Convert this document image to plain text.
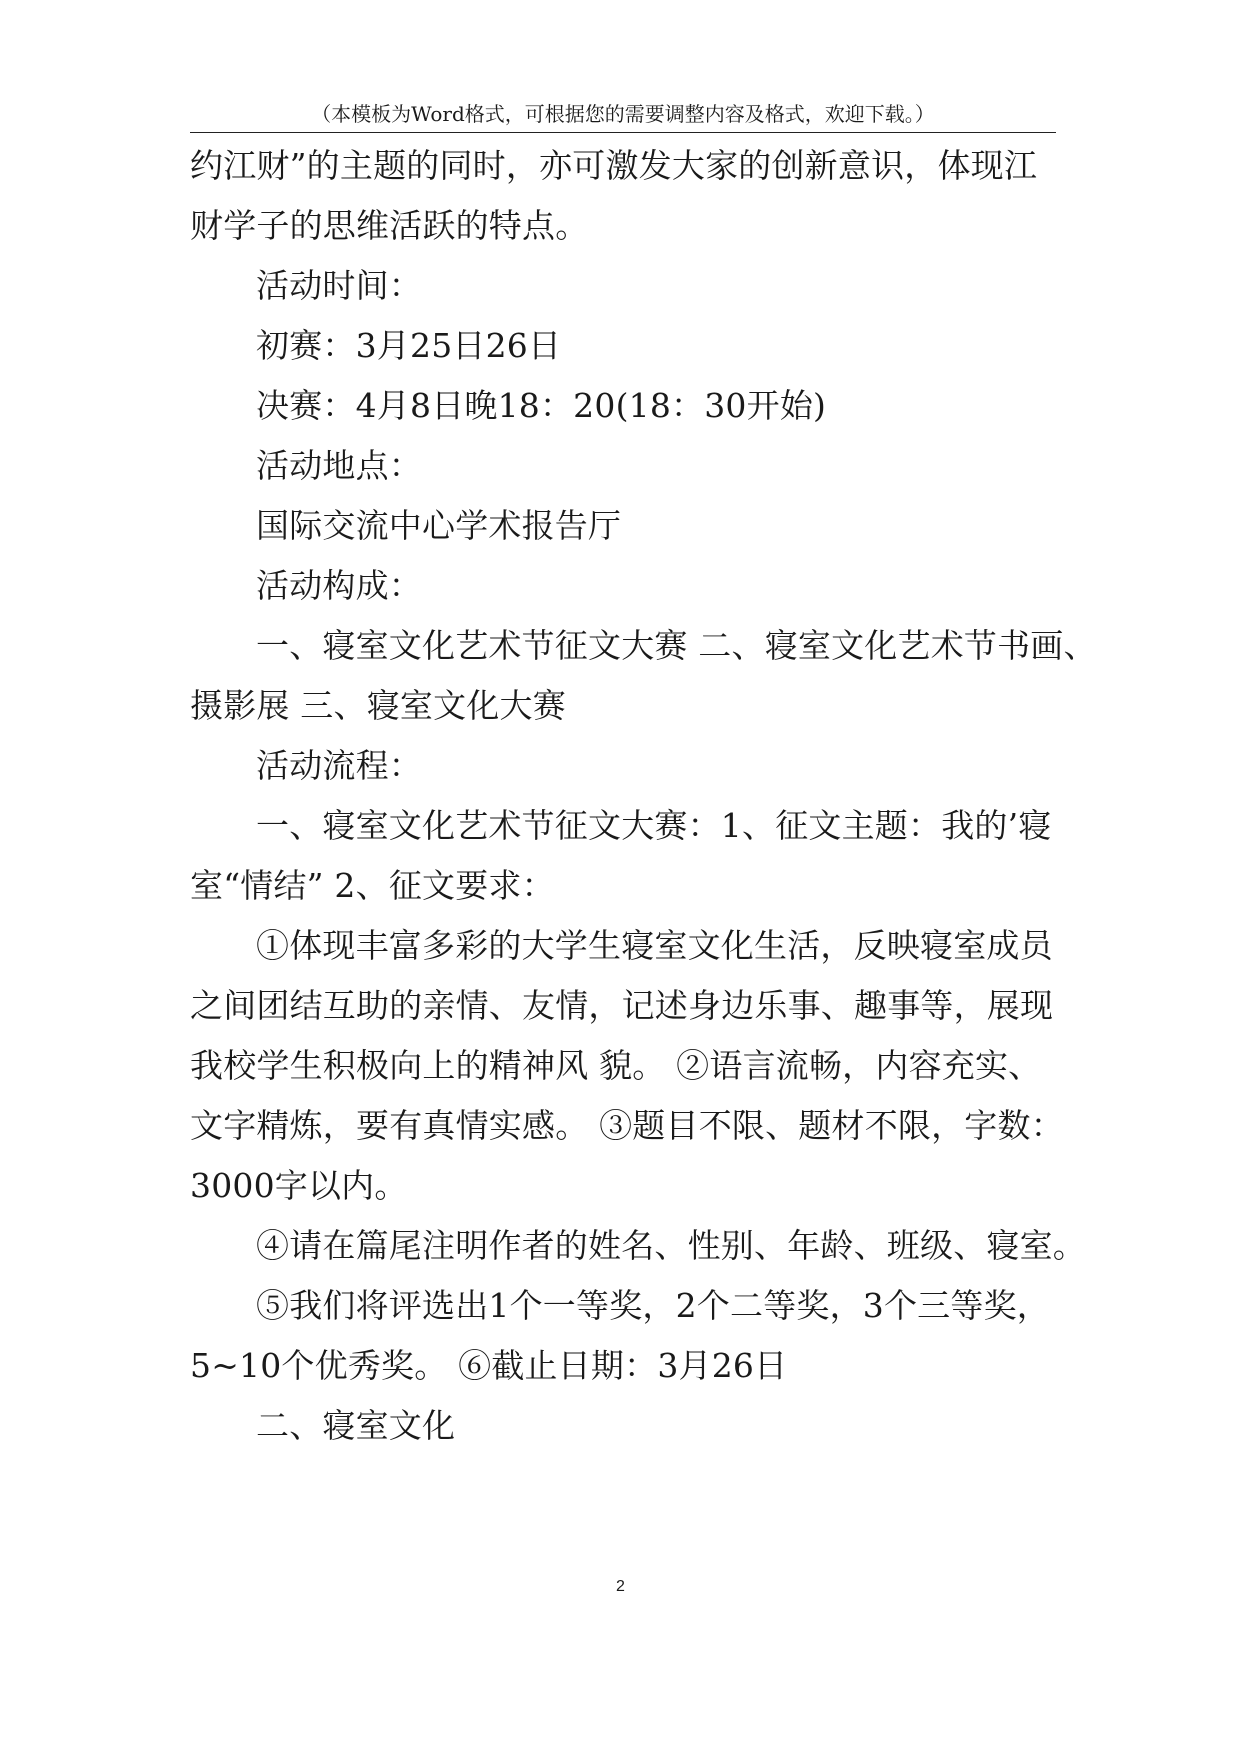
（本模板为Word格式，可根据您的需要调整内容及格式，欢迎下载。）
约江财”的主题的同时，亦可激发大家的创新意识，体现江
财学子的思维活跃的特点。
活动时间：
初赛：3月25日26日
决赛：4月8日晚18：20(18：30开始)
活动地点：
国际交流中心学术报告厅
活动构成：
一、寝室文化艺术节征文大赛 二、寝室文化艺术节书画、
摄影展 三、寝室文化大赛
活动流程：
一、寝室文化艺术节征文大赛：1、征文主题：我的’寝
室“情结” 2、征文要求：
①体现丰富多彩的大学生寝室文化生活，反映寝室成员
之间团结互助的亲情、友情，记述身边乐事、趣事等，展现
我校学生积极向上的精神风 貌。 ②语言流畅，内容充实、
文字精炼，要有真情实感。 ③题目不限、题材不限，字数：
3000字以内。
④请在篇尾注明作者的姓名、性别、年龄、班级、寝室。
⑤我们将评选出1个一等奖，2个二等奖，3个三等奖，
5~10个优秀奖。 ⑥截止日期：3月26日
二、寝室文化
2
